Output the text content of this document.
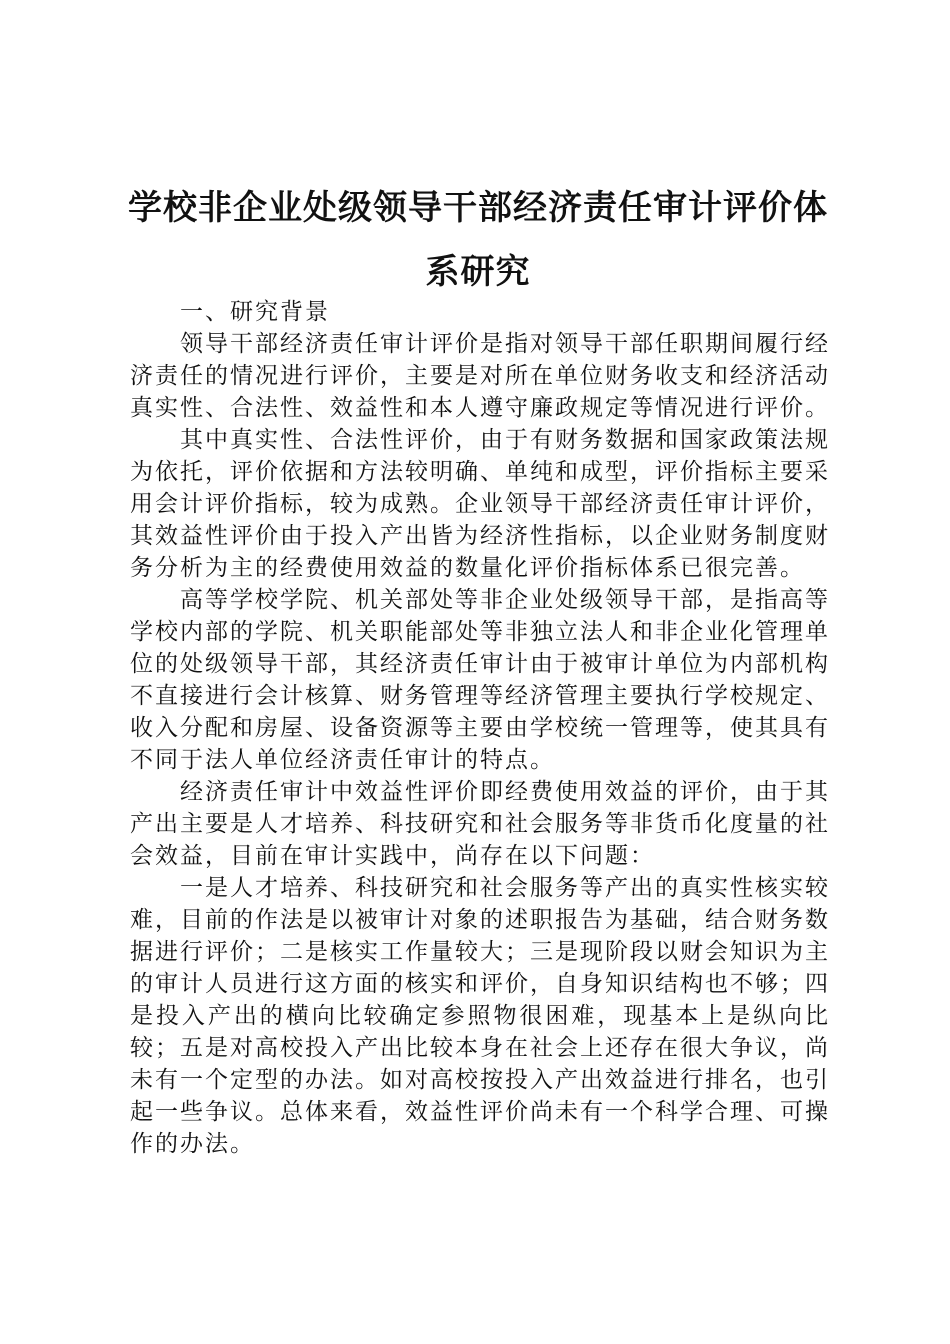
学校非企业处级领导干部经济责任审计评价体系研究

一、研究背景

领导干部经济责任审计评价是指对领导干部任职期间履行经济责任的情况进行评价，主要是对所在单位财务收支和经济活动真实性、合法性、效益性和本人遵守廉政规定等情况进行评价。

其中真实性、合法性评价，由于有财务数据和国家政策法规为依托，评价依据和方法较明确、单纯和成型，评价指标主要采用会计评价指标，较为成熟。企业领导干部经济责任审计评价，其效益性评价由于投入产出皆为经济性指标，以企业财务制度财务分析为主的经费使用效益的数量化评价指标体系已很完善。

高等学校学院、机关部处等非企业处级领导干部，是指高等学校内部的学院、机关职能部处等非独立法人和非企业化管理单位的处级领导干部，其经济责任审计由于被审计单位为内部机构不直接进行会计核算、财务管理等经济管理主要执行学校规定、收入分配和房屋、设备资源等主要由学校统一管理等，使其具有不同于法人单位经济责任审计的特点。

经济责任审计中效益性评价即经费使用效益的评价，由于其产出主要是人才培养、科技研究和社会服务等非货币化度量的社会效益，目前在审计实践中，尚存在以下问题：

一是人才培养、科技研究和社会服务等产出的真实性核实较难，目前的作法是以被审计对象的述职报告为基础，结合财务数据进行评价；二是核实工作量较大；三是现阶段以财会知识为主的审计人员进行这方面的核实和评价，自身知识结构也不够；四是投入产出的横向比较确定参照物很困难，现基本上是纵向比较；五是对高校投入产出比较本身在社会上还存在很大争议，尚未有一个定型的办法。如对高校按投入产出效益进行排名，也引起一些争议。总体来看，效益性评价尚未有一个科学合理、可操作的办法。
